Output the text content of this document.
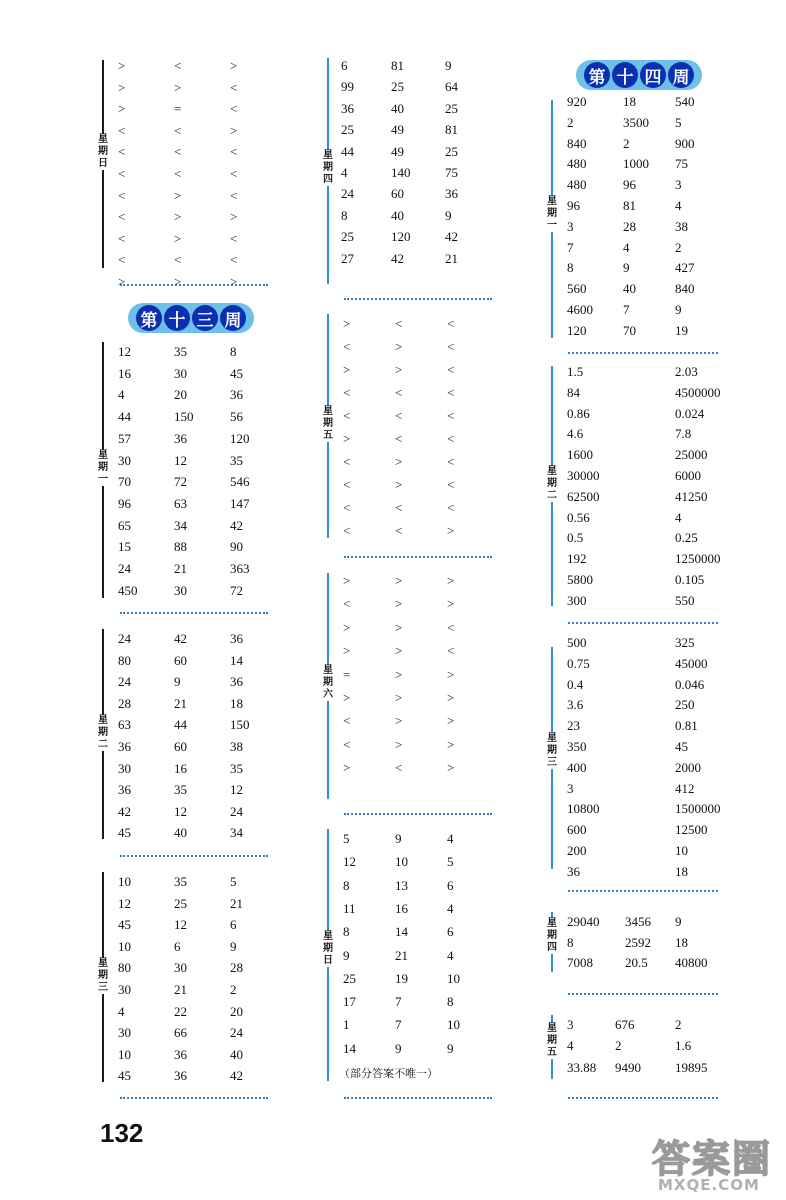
星期日
>	<	>
>	>	<
>	=	<
<	<	>
<	<	<
<	<	<
<	>	<
<	>	>
<	>	<
<	<	<
>	>	>
第 十 三 周
星期一
12	35	8
16	30	45
4	20	36
44	150	56
57	36	120
30	12	35
70	72	546
96	63	147
65	34	42
15	88	90
24	21	363
450	30	72
星期二
24	42	36
80	60	14
24	9	36
28	21	18
63	44	150
36	60	38
30	16	35
36	35	12
42	12	24
45	40	34
星期三
10	35	5
12	25	21
45	12	6
10	6	9
80	30	28
30	21	2
4	22	20
30	66	24
10	36	40
45	36	42
星期四
6	81	9
99	25	64
36	40	25
25	49	81
44	49	25
4	140	75
24	60	36
8	40	9
25	120	42
27	42	21
星期五
>	<	<
<	>	<
>	>	<
<	<	<
<	<	<
>	<	<
<	>	<
<	>	<
<	<	<
<	<	>
星期六
>	>	>
<	>	>
>	>	<
>	>	<
=	>	>
>	>	>
<	>	>
<	>	>
>	<	>
星期日
5	9	4
12	10	5
8	13	6
11	16	4
8	14	6
9	21	4
25	19	10
17	7	8
1	7	10
14	9	9
（部分答案不唯一）
第 十 四 周
星期一
920	18	540
2	3500 5
840	2	900
480	1000 75
480	96	3
96	81	4
3	28	38
7	4	2
8	9	427
560	40	840
4600 7	9
120	70	19
星期二
1.5	2.03
84	4500000
0.86	0.024
4.6	7.8
1600	25000
30000	6000
62500	41250
0.56	4
0.5	0.25
192	1250000
5800	0.105
300	550
星期三
500	325
0.75	45000
0.4	0.046
3.6	250
23	0.81
350	45
400	2000
3	412
10800	1500000
600	12500
200	10
36	18
星期四
29040 3456 9
8	2592 18
7008 20.5 40800
星期五
3	676	2
4	2	1.6
33.88 9490	19895
132
答案圈
MXQE.COM
